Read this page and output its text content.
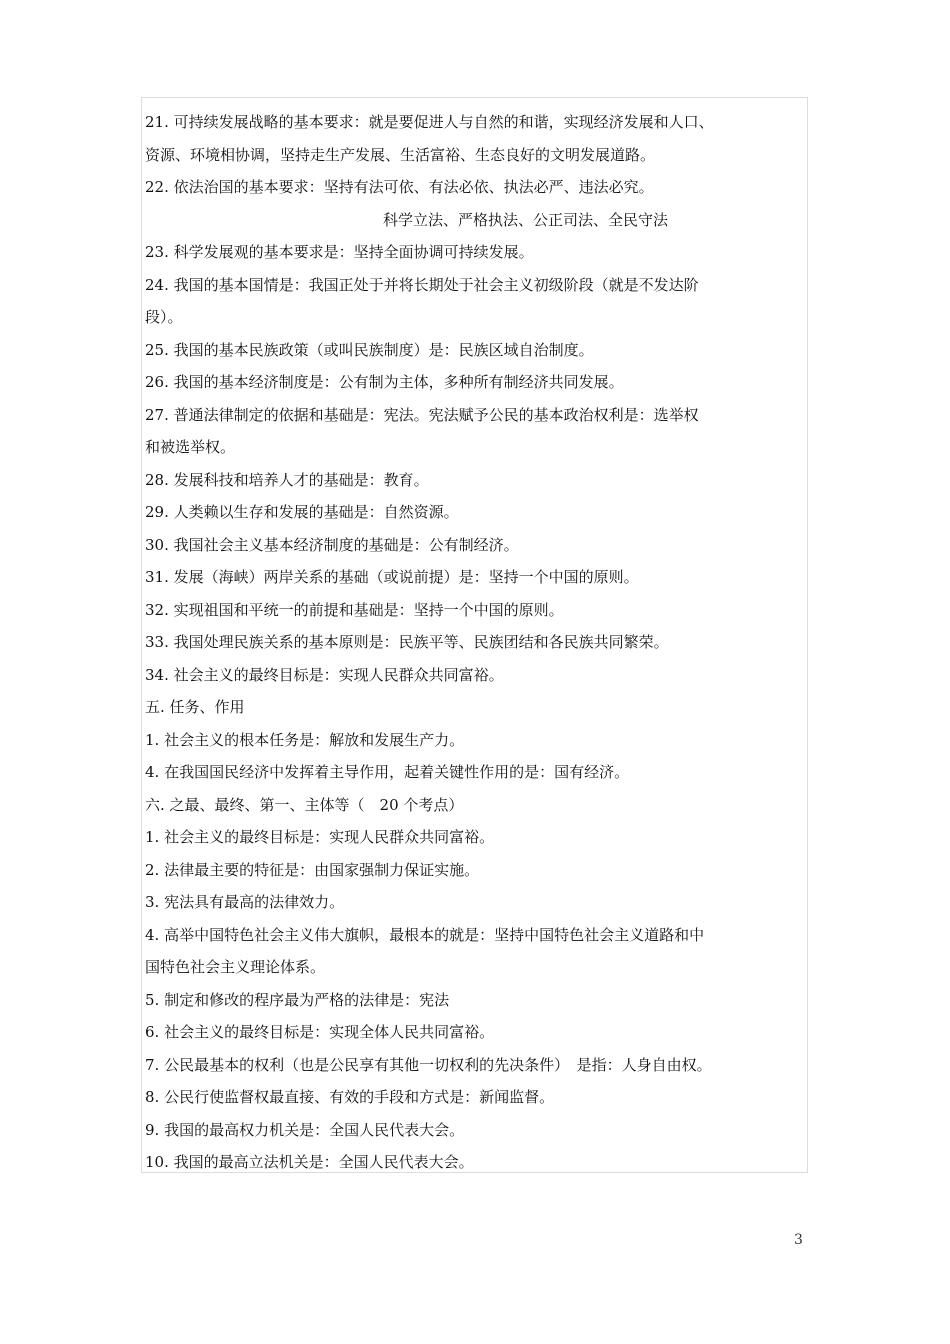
21. 可持续发展战略的基本要求：就是要促进人与自然的和谐，实现经济发展和人口、
资源、环境相协调，坚持走生产发展、生活富裕、生态良好的文明发展道路。
22. 依法治国的基本要求：坚持有法可依、有法必依、执法必严、违法必究。
科学立法、严格执法、公正司法、全民守法
23. 科学发展观的基本要求是：坚持全面协调可持续发展。
24. 我国的基本国情是：我国正处于并将长期处于社会主义初级阶段（就是不发达阶
段）。
25. 我国的基本民族政策（或叫民族制度）是：民族区域自治制度。
26. 我国的基本经济制度是：公有制为主体，多种所有制经济共同发展。
27. 普通法律制定的依据和基础是：宪法。宪法赋予公民的基本政治权利是：选举权
和被选举权。
28. 发展科技和培养人才的基础是：教育。
29. 人类赖以生存和发展的基础是：自然资源。
30. 我国社会主义基本经济制度的基础是：公有制经济。
31. 发展（海峡）两岸关系的基础（或说前提）是：坚持一个中国的原则。
32. 实现祖国和平统一的前提和基础是：坚持一个中国的原则。
33. 我国处理民族关系的基本原则是：民族平等、民族团结和各民族共同繁荣。
34. 社会主义的最终目标是：实现人民群众共同富裕。
五. 任务、作用
1. 社会主义的根本任务是：解放和发展生产力。
4. 在我国国民经济中发挥着主导作用，起着关键性作用的是：国有经济。
六. 之最、最终、第一、主体等（　20 个考点）
1. 社会主义的最终目标是：实现人民群众共同富裕。
2. 法律最主要的特征是：由国家强制力保证实施。
3. 宪法具有最高的法律效力。
4. 高举中国特色社会主义伟大旗帜，最根本的就是：坚持中国特色社会主义道路和中
国特色社会主义理论体系。
5. 制定和修改的程序最为严格的法律是：宪法
6. 社会主义的最终目标是：实现全体人民共同富裕。
7. 公民最基本的权利（也是公民享有其他一切权利的先决条件）　是指：人身自由权。
8. 公民行使监督权最直接、有效的手段和方式是：新闻监督。
9. 我国的最高权力机关是：全国人民代表大会。
10. 我国的最高立法机关是：全国人民代表大会。
3
